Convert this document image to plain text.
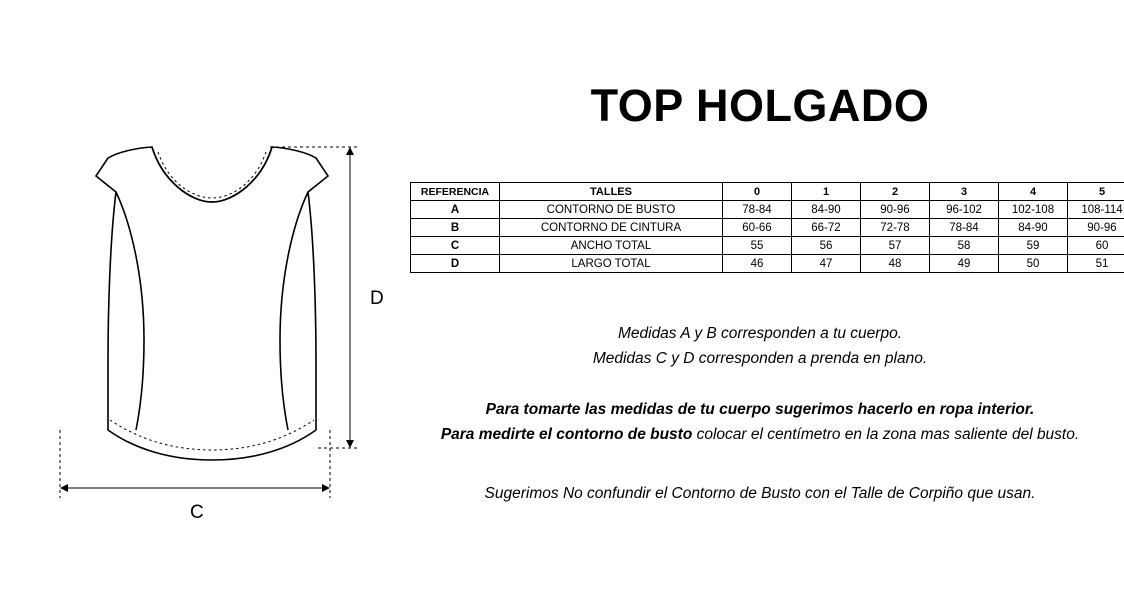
D
C
TOP HOLGADO
REFERENCIA	TALLES	0	1	2	3	4	5
A	CONTORNO DE BUSTO	78-84	84-90	90-96	96-102	102-108	108-114
B	CONTORNO DE CINTURA	60-66	66-72	72-78	78-84	84-90	90-96
C	ANCHO TOTAL	55	56	57	58	59	60
D	LARGO TOTAL	46	47	48	49	50	51
Medidas A y B corresponden a tu cuerpo.
Medidas C y D corresponden a prenda en plano.
Para tomarte las medidas de tu cuerpo sugerimos hacerlo en ropa interior.
Para medirte el contorno de busto colocar el centímetro en la zona mas saliente del busto.
Sugerimos No confundir el Contorno de Busto con el Talle de Corpiño que usan.
